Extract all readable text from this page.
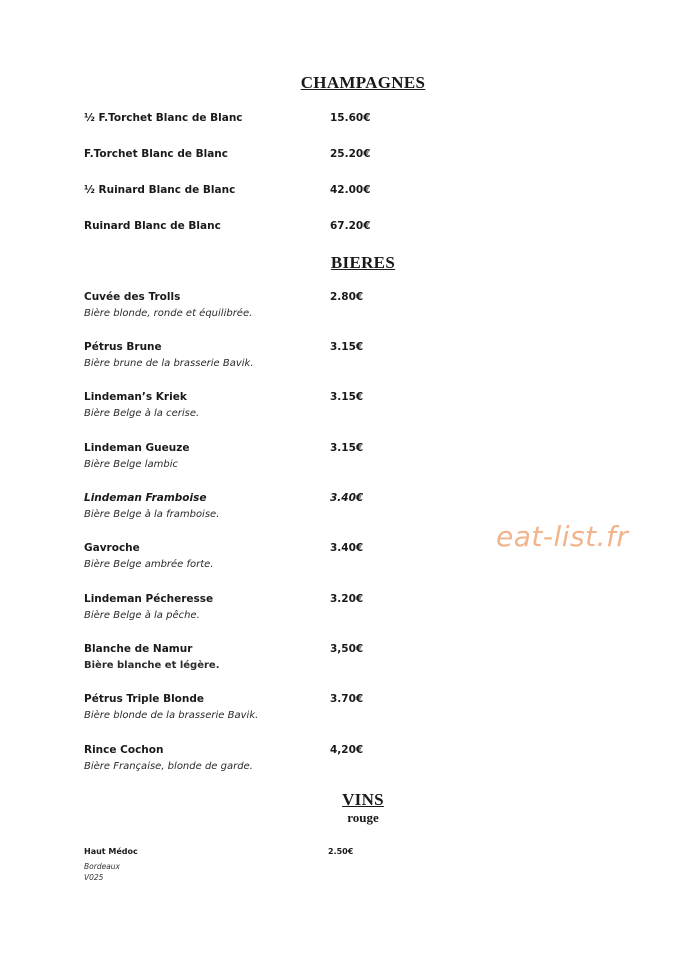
CHAMPAGNES
½ F.Torchet Blanc de Blanc	15.60€
F.Torchet Blanc de Blanc	25.20€
½ Ruinard Blanc de Blanc	42.00€
Ruinard Blanc de Blanc	67.20€
BIERES
Cuvée des Trolls	2.80€
Bière blonde, ronde et équilibrée.
Pétrus Brune	3.15€
Bière brune de la brasserie Bavik.
Lindeman’s Kriek	3.15€
Bière Belge à la cerise.
Lindeman Gueuze	3.15€
Bière Belge lambic
Lindeman Framboise	3.40€
Bière Belge à la framboise.
Gavroche	3.40€
Bière Belge ambrée forte.
Lindeman Pécheresse	3.20€
Bière Belge à la pêche.
Blanche de Namur	3,50€
Bière blanche et légère.
Pétrus Triple Blonde	3.70€
Bière blonde de la brasserie Bavik.
Rince Cochon	4,20€
Bière Française, blonde de garde.
VINS
rouge
Haut Médoc	2.50€
Bordeaux
V025
eat-list.fr
